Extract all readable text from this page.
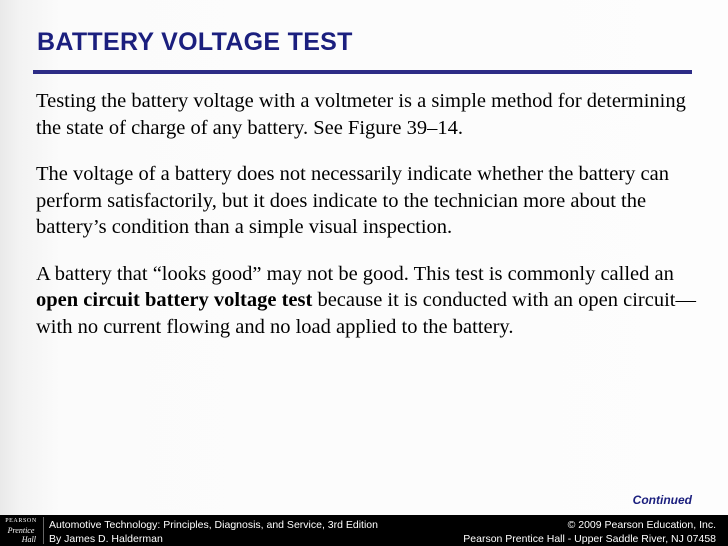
BATTERY VOLTAGE TEST

Testing the battery voltage with a voltmeter is a simple method for determining the state of charge of any battery. See Figure 39–14.

The voltage of a battery does not necessarily indicate whether the battery can perform satisfactorily, but it does indicate to the technician more about the battery’s condition than a simple visual inspection.

A battery that “looks good” may not be good. This test is commonly called an open circuit battery voltage test because it is conducted with an open circuit—with no current flowing and no load applied to the battery.

Continued
PEARSON
Prentice
Hall
Automotive Technology: Principles, Diagnosis, and Service, 3rd Edition
By James D. Halderman
© 2009 Pearson Education, Inc.
Pearson Prentice Hall - Upper Saddle River, NJ 07458
